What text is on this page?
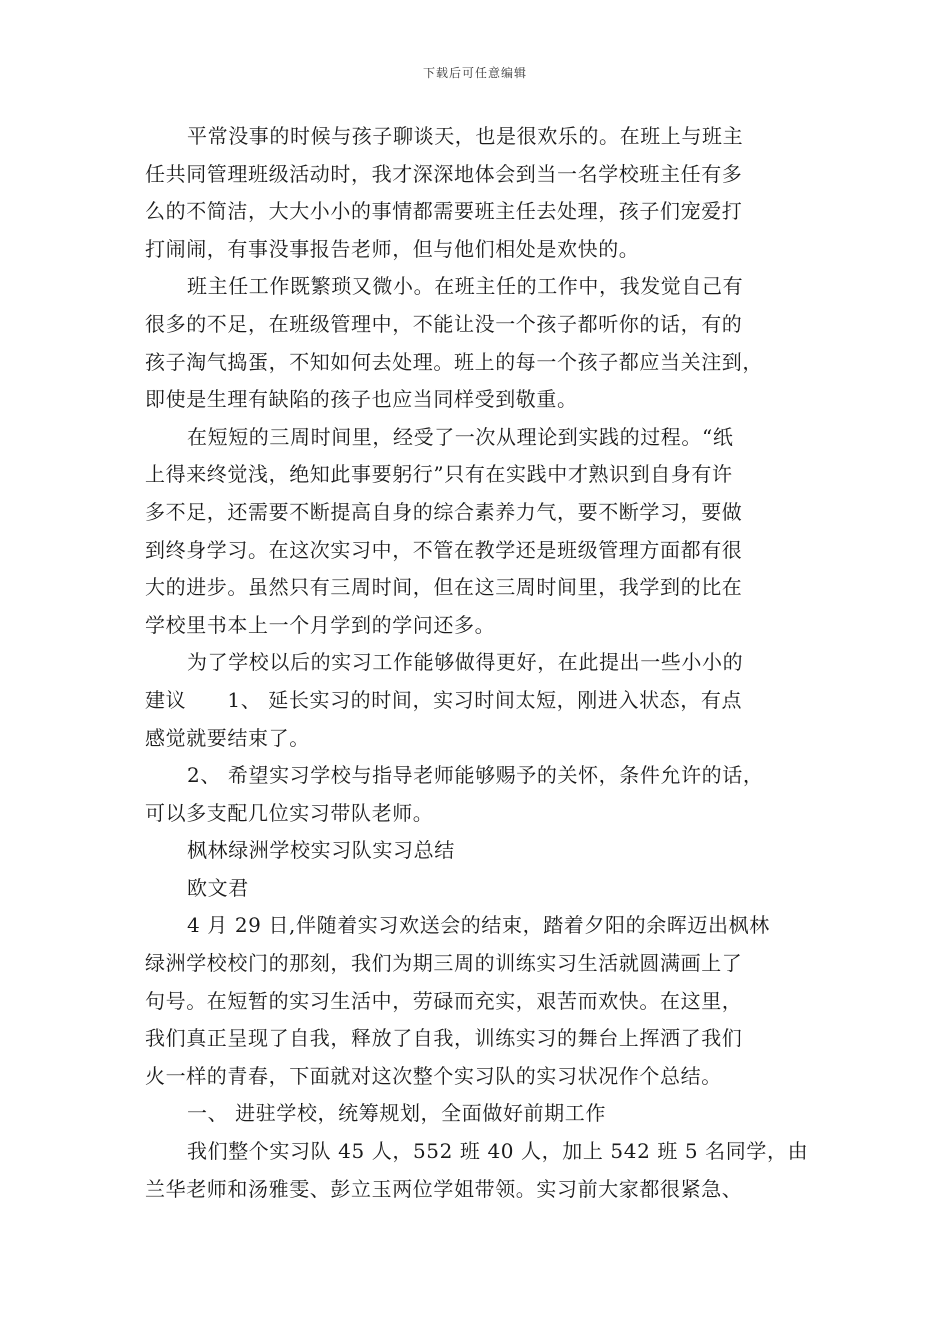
下载后可任意编辑
平常没事的时候与孩子聊谈天，也是很欢乐的。在班上与班主
任共同管理班级活动时，我才深深地体会到当一名学校班主任有多
么的不简洁，大大小小的事情都需要班主任去处理，孩子们宠爱打
打闹闹，有事没事报告老师，但与他们相处是欢快的。
班主任工作既繁琐又微小。在班主任的工作中，我发觉自己有
很多的不足，在班级管理中，不能让没一个孩子都听你的话，有的
孩子淘气捣蛋，不知如何去处理。班上的每一个孩子都应当关注到，
即使是生理有缺陷的孩子也应当同样受到敬重。
在短短的三周时间里，经受了一次从理论到实践的过程。“纸
上得来终觉浅，绝知此事要躬行”只有在实践中才熟识到自身有许
多不足，还需要不断提高自身的综合素养力气，要不断学习，要做
到终身学习。在这次实习中，不管在教学还是班级管理方面都有很
大的进步。虽然只有三周时间，但在这三周时间里，我学到的比在
学校里书本上一个月学到的学问还多。
为了学校以后的实习工作能够做得更好，在此提出一些小小的
建议　　1、 延长实习的时间，实习时间太短，刚进入状态，有点
感觉就要结束了。
2、 希望实习学校与指导老师能够赐予的关怀，条件允许的话，
可以多支配几位实习带队老师。
枫林绿洲学校实习队实习总结
欧文君
4 月 29 日,伴随着实习欢送会的结束，踏着夕阳的余晖迈出枫林
绿洲学校校门的那刻，我们为期三周的训练实习生活就圆满画上了
句号。在短暂的实习生活中，劳碌而充实，艰苦而欢快。在这里，
我们真正呈现了自我，释放了自我，训练实习的舞台上挥洒了我们
火一样的青春，下面就对这次整个实习队的实习状况作个总结。
一、 进驻学校，统筹规划，全面做好前期工作
我们整个实习队 45 人，552 班 40 人，加上 542 班 5 名同学，由
兰华老师和汤雅雯、彭立玉两位学姐带领。实习前大家都很紧急、
